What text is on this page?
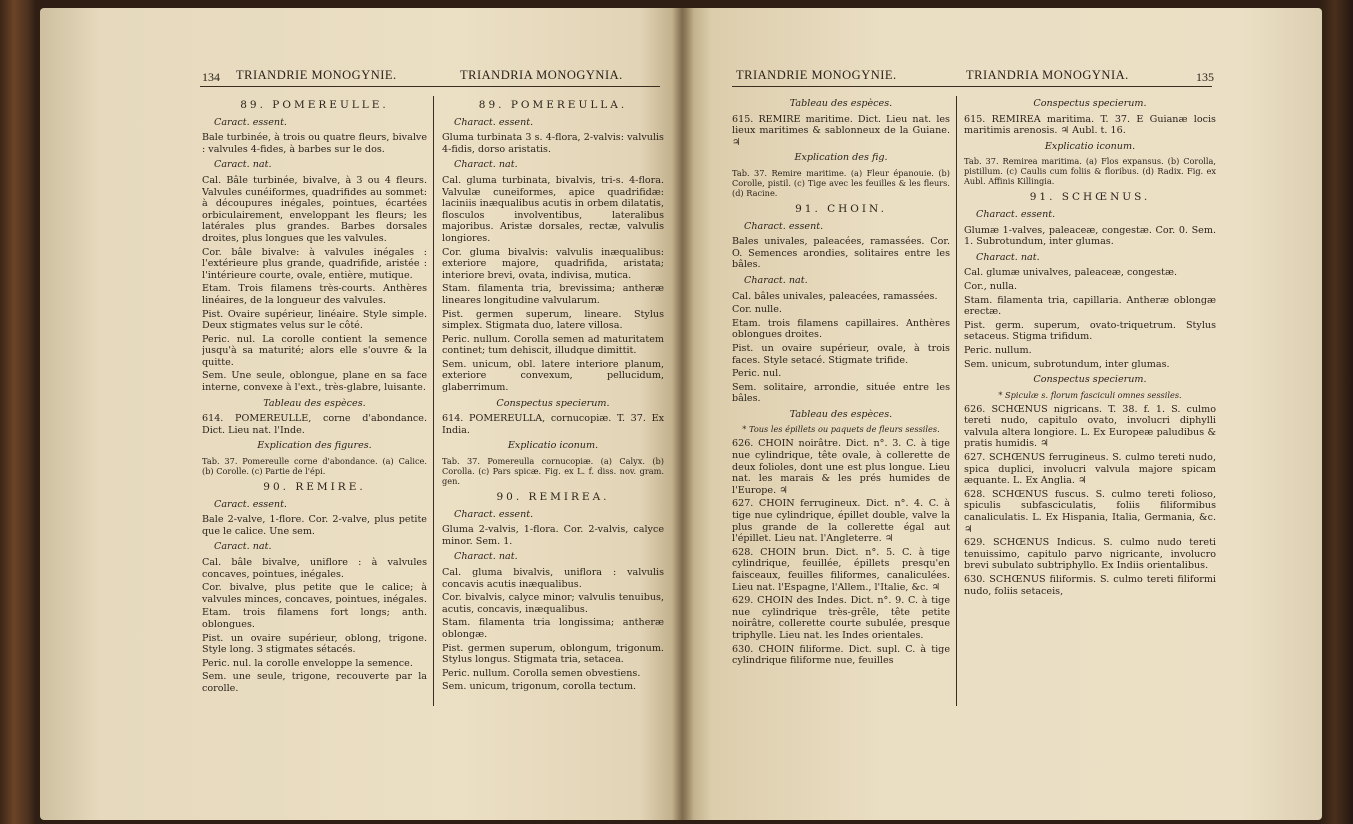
134 TRIANDRIE MONOGYNIE.	TRIANDRIA MONOGYNIA.
89. POMEREULLE.
Caract. essent.
Bale turbinée, à trois ou quatre fleurs, bivalve : valvules 4-fides, à barbes sur le dos.
Caract. nat.
Cal. Bâle turbinée, bivalve, à 3 ou 4 fleurs. Valvules cunéiformes, quadrifides au sommet: à découpures inégales, pointues, écartées orbiculairement, enveloppant les fleurs; les latérales plus grandes. Barbes dorsales droites, plus longues que les valvules.
Cor. bâle bivalve: à valvules inégales : l'extérieure plus grande, quadrifide, aristée : l'intérieure courte, ovale, entière, mutique.
Etam. Trois filamens très-courts. Anthères linéaires, de la longueur des valvules.
Pist. Ovaire supérieur, linéaire. Style simple. Deux stigmates velus sur le côté.
Peric. nul. La corolle contient la semence jusqu'à sa maturité; alors elle s'ouvre & la quitte.
Sem. Une seule, oblongue, plane en sa face interne, convexe à l'ext., très-glabre, luisante.
Tableau des espèces.
614. POMEREULLE, corne d'abondance. Dict. Lieu nat. l'Inde.
Explication des figures.
Tab. 37. Pomereulle corne d'abondance. (a) Calice. (b) Corolle. (c) Partie de l'épi.
90. REMIRE.
Caract. essent.
Bale 2-valve, 1-flore. Cor. 2-valve, plus petite que le calice. Une sem.
Caract. nat.
Cal. bâle bivalve, uniflore : à valvules concaves, pointues, inégales.
Cor. bivalve, plus petite que le calice; à valvules minces, concaves, pointues, inégales.
Etam. trois filamens fort longs; anth. oblongues.
Pist. un ovaire supérieur, oblong, trigone. Style long. 3 stigmates sétacés.
Peric. nul. la corolle enveloppe la semence.
Sem. une seule, trigone, recouverte par la corolle.
89. POMEREULLA.
Charact. essent.
Gluma turbinata 3 s. 4-flora, 2-valvis: valvulis 4-fidis, dorso aristatis.
Charact. nat.
Cal. gluma turbinata, bivalvis, tri-s. 4-flora. Valvulæ cuneiformes, apice quadrifidæ: laciniis inæqualibus acutis in orbem dilatatis, flosculos involventibus, lateralibus majoribus. Aristæ dorsales, rectæ, valvulis longiores.
Cor. gluma bivalvis: valvulis inæqualibus: exteriore majore, quadrifida, aristata; interiore brevi, ovata, indivisa, mutica.
Stam. filamenta tria, brevissima; antheræ lineares longitudine valvularum.
Pist. germen superum, lineare. Stylus simplex. Stigmata duo, latere villosa.
Peric. nullum. Corolla semen ad maturitatem continet; tum dehiscit, illudque dimittit.
Sem. unicum, obl. latere interiore planum, exteriore convexum, pellucidum, glaberrimum.
Conspectus specierum.
614. POMEREULLA, cornucopiæ. T. 37. Ex India.
Explicatio iconum.
Tab. 37. Pomereulla cornucopiæ. (a) Calyx. (b) Corolla. (c) Pars spicæ. Fig. ex L. f. diss. nov. gram. gen.
90. REMIREA.
Charact. essent.
Gluma 2-valvis, 1-flora. Cor. 2-valvis, calyce minor. Sem. 1.
Charact. nat.
Cal. gluma bivalvis, uniflora : valvulis concavis acutis inæqualibus.
Cor. bivalvis, calyce minor; valvulis tenuibus, acutis, concavis, inæqualibus.
Stam. filamenta tria longissima; antheræ oblongæ.
Pist. germen superum, oblongum, trigonum. Stylus longus. Stigmata tria, setacea.
Peric. nullum. Corolla semen obvestiens.
Sem. unicum, trigonum, corolla tectum.
TRIANDRIE MONOGYNIE.	TRIANDRIA MONOGYNIA.	135
Tableau des espèces.
615. REMIRE maritime. Dict. Lieu nat. les lieux maritimes & sablonneux de la Guiane. ♃
Explication des fig.
Tab. 37. Remire maritime. (a) Fleur épanouie. (b) Corolle, pistil. (c) Tige avec les feuilles & les fleurs. (d) Racine.
91. CHOIN.
Charact. essent.
Bales univales, paleacées, ramassées. Cor. O. Semences arondies, solitaires entre les bâles.
Charact. nat.
Cal. bâles univales, paleacées, ramassées.
Cor. nulle.
Etam. trois filamens capillaires. Anthères oblongues droites.
Pist. un ovaire supérieur, ovale, à trois faces. Style setacé. Stigmate trifide.
Peric. nul.
Sem. solitaire, arrondie, située entre les bâles.
Tableau des espèces.
* Tous les épillets ou paquets de fleurs sessiles.
626. CHOIN noirâtre. Dict. n°. 3. C. à tige nue cylindrique, tête ovale, à collerette de deux folioles, dont une est plus longue. Lieu nat. les marais & les prés humides de l'Europe. ♃
627. CHOIN ferrugineux. Dict. n°. 4. C. à tige nue cylindrique, épillet double, valve la plus grande de la collerette égal aut l'épillet. Lieu nat. l'Angleterre. ♃
628. CHOIN brun. Dict. n°. 5. C. à tige cylindrique, feuillée, épillets presqu'en faisceaux, feuilles filiformes, canaliculées. Lieu nat. l'Espagne, l'Allem., l'Italie, &c. ♃
629. CHOIN des Indes. Dict. n°. 9. C. à tige nue cylindrique très-grêle, tête petite noirâtre, collerette courte subulée, presque triphylle. Lieu nat. les Indes orientales.
630. CHOIN filiforme. Dict. supl. C. à tige cylindrique filiforme nue, feuilles
Conspectus specierum.
615. REMIREA maritima. T. 37. E Guianæ locis maritimis arenosis. ♃ Aubl. t. 16.
Explicatio iconum.
Tab. 37. Remirea maritima. (a) Flos expansus. (b) Corolla, pistillum. (c) Caulis cum foliis & floribus. (d) Radix. Fig. ex Aubl. Affinis Killingia.
91. SCHŒNUS.
Charact. essent.
Glumæ 1-valves, paleaceæ, congestæ. Cor. 0. Sem. 1. Subrotundum, inter glumas.
Charact. nat.
Cal. glumæ univalves, paleaceæ, congestæ.
Cor., nulla.
Stam. filamenta tria, capillaria. Antheræ oblongæ erectæ.
Pist. germ. superum, ovato-triquetrum. Stylus setaceus. Stigma trifidum.
Peric. nullum.
Sem. unicum, subrotundum, inter glumas.
Conspectus specierum.
* Spiculæ s. florum fasciculi omnes sessiles.
626. SCHŒNUS nigricans. T. 38. f. 1. S. culmo tereti nudo, capitulo ovato, involucri diphylli valvula altera longiore. L. Ex Europeæ paludibus & pratis humidis. ♃
627. SCHŒNUS ferrugineus. S. culmo tereti nudo, spica duplici, involucri valvula majore spicam æquante. L. Ex Anglia. ♃
628. SCHŒNUS fuscus. S. culmo tereti folioso, spiculis subfasciculatis, foliis filiformibus canaliculatis. L. Ex Hispania, Italia, Germania, &c. ♃
629. SCHŒNUS Indicus. S. culmo nudo tereti tenuissimo, capitulo parvo nigricante, involucro brevi subulato subtriphyllo. Ex Indiis orientalibus.
630. SCHŒNUS filiformis. S. culmo tereti filiformi nudo, foliis setaceis,
